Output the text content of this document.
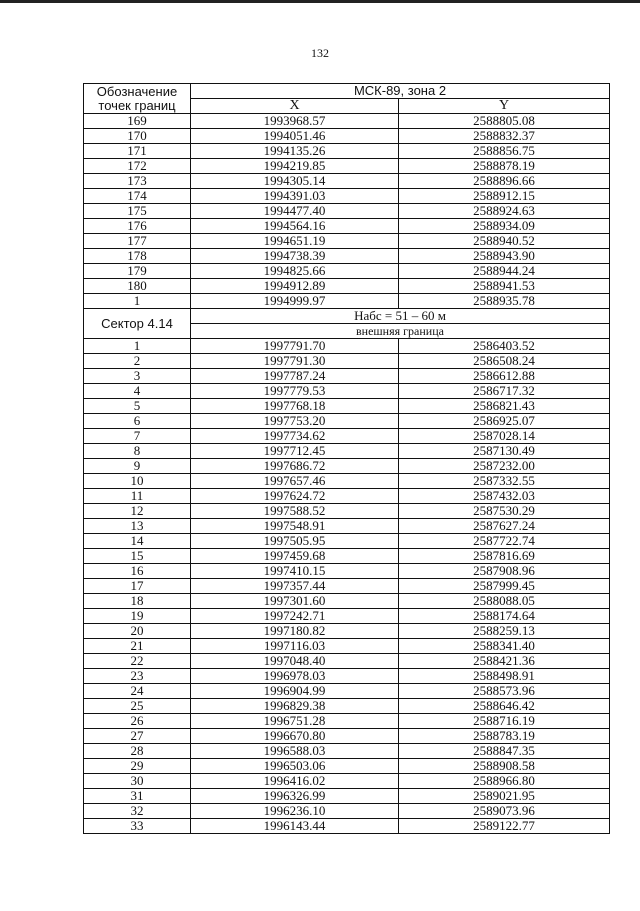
132
Обозначение
точек границ	МСК-89, зона 2	
	X	Y
169	1993968.57	2588805.08
170	1994051.46	2588832.37
171	1994135.26	2588856.75
172	1994219.85	2588878.19
173	1994305.14	2588896.66
174	1994391.03	2588912.15
175	1994477.40	2588924.63
176	1994564.16	2588934.09
177	1994651.19	2588940.52
178	1994738.39	2588943.90
179	1994825.66	2588944.24
180	1994912.89	2588941.53
1	1994999.97	2588935.78
Сектор 4.14	Набс = 51 – 60 м	
	внешняя граница	
1	1997791.70	2586403.52
2	1997791.30	2586508.24
3	1997787.24	2586612.88
4	1997779.53	2586717.32
5	1997768.18	2586821.43
6	1997753.20	2586925.07
7	1997734.62	2587028.14
8	1997712.45	2587130.49
9	1997686.72	2587232.00
10	1997657.46	2587332.55
11	1997624.72	2587432.03
12	1997588.52	2587530.29
13	1997548.91	2587627.24
14	1997505.95	2587722.74
15	1997459.68	2587816.69
16	1997410.15	2587908.96
17	1997357.44	2587999.45
18	1997301.60	2588088.05
19	1997242.71	2588174.64
20	1997180.82	2588259.13
21	1997116.03	2588341.40
22	1997048.40	2588421.36
23	1996978.03	2588498.91
24	1996904.99	2588573.96
25	1996829.38	2588646.42
26	1996751.28	2588716.19
27	1996670.80	2588783.19
28	1996588.03	2588847.35
29	1996503.06	2588908.58
30	1996416.02	2588966.80
31	1996326.99	2589021.95
32	1996236.10	2589073.96
33	1996143.44	2589122.77
